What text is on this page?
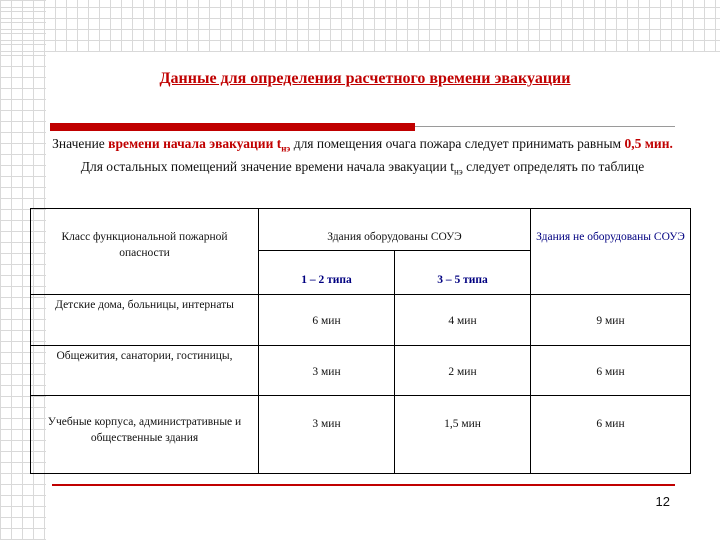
Данные для определения расчетного времени эвакуации
Значение времени начала эвакуации $t_{нэ}$ для помещения очага пожара следует принимать равным 0,5 мин. Для остальных помещений значение времени начала эвакуации $t_{нэ}$ следует определять по таблице
Класс функциональной пожарной опасности	Здания оборудованы СОУЭ		Здания не оборудованы СОУЭ
	1 – 2 типа	3 – 5 типа	
Детские дома, больницы, интернаты	6 мин	4 мин	9 мин
Общежития, санатории, гостиницы,	3 мин	2 мин	6 мин
Учебные корпуса, административные и общественные здания	3 мин	1,5 мин	6 мин
12
